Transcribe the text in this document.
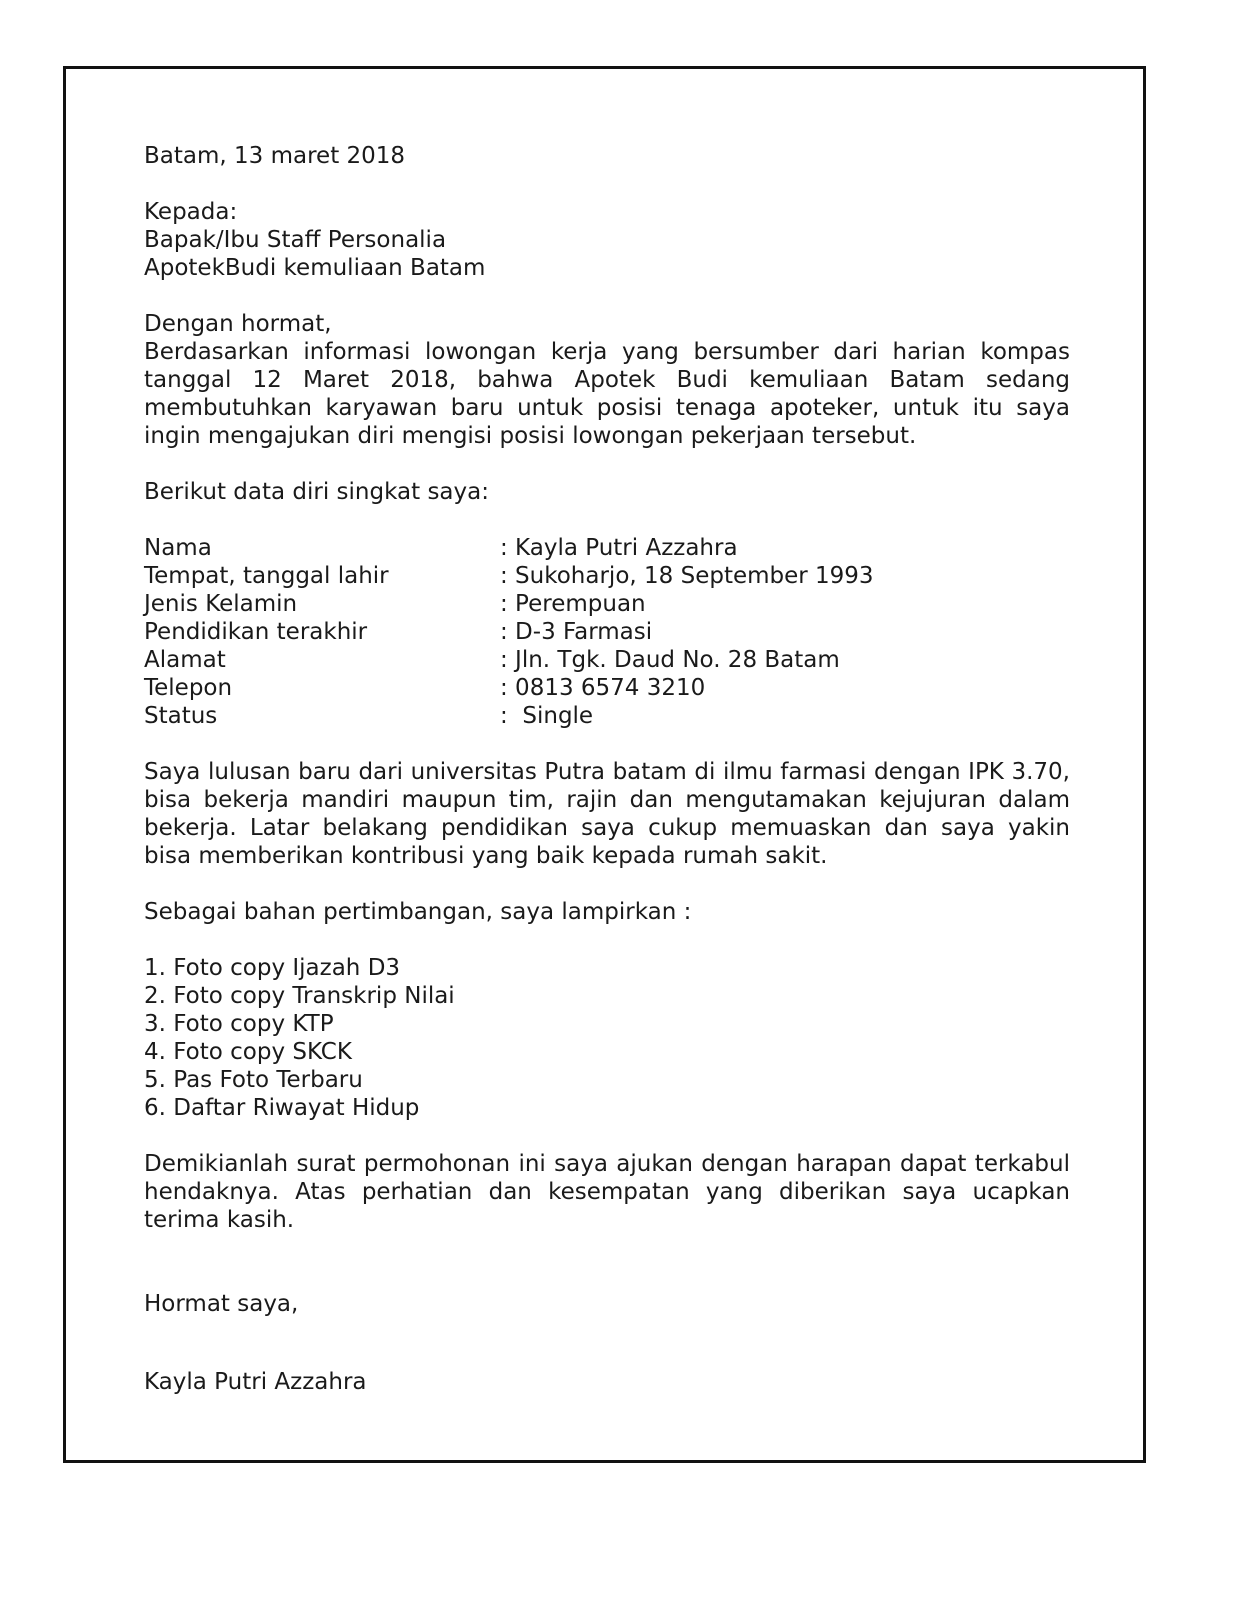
Batam, 13 maret 2018
Kepada:
Bapak/Ibu Staff Personalia
ApotekBudi kemuliaan Batam
Dengan hormat,
Berdasarkan informasi lowongan kerja yang bersumber dari harian kompas tanggal 12 Maret 2018, bahwa Apotek Budi kemuliaan Batam sedang membutuhkan karyawan baru untuk posisi tenaga apoteker, untuk itu saya ingin mengajukan diri mengisi posisi lowongan pekerjaan tersebut.
Berikut data diri singkat saya:
Nama	: Kayla Putri Azzahra
Tempat, tanggal lahir	: Sukoharjo, 18 September 1993
Jenis Kelamin	: Perempuan
Pendidikan terakhir	: D-3 Farmasi
Alamat	: Jln. Tgk. Daud No. 28 Batam
Telepon	: 0813 6574 3210
Status	:  Single
Saya lulusan baru dari universitas Putra batam di ilmu farmasi dengan IPK 3.70, bisa bekerja mandiri maupun tim, rajin dan mengutamakan kejujuran dalam bekerja. Latar belakang pendidikan saya cukup memuaskan dan saya yakin bisa memberikan kontribusi yang baik kepada rumah sakit.
Sebagai bahan pertimbangan, saya lampirkan :
1. Foto copy Ijazah D3
2. Foto copy Transkrip Nilai
3. Foto copy KTP
4. Foto copy SKCK
5. Pas Foto Terbaru
6. Daftar Riwayat Hidup
Demikianlah surat permohonan ini saya ajukan dengan harapan dapat terkabul hendaknya. Atas perhatian dan kesempatan yang diberikan saya ucapkan terima kasih.
Hormat saya,
Kayla Putri Azzahra
